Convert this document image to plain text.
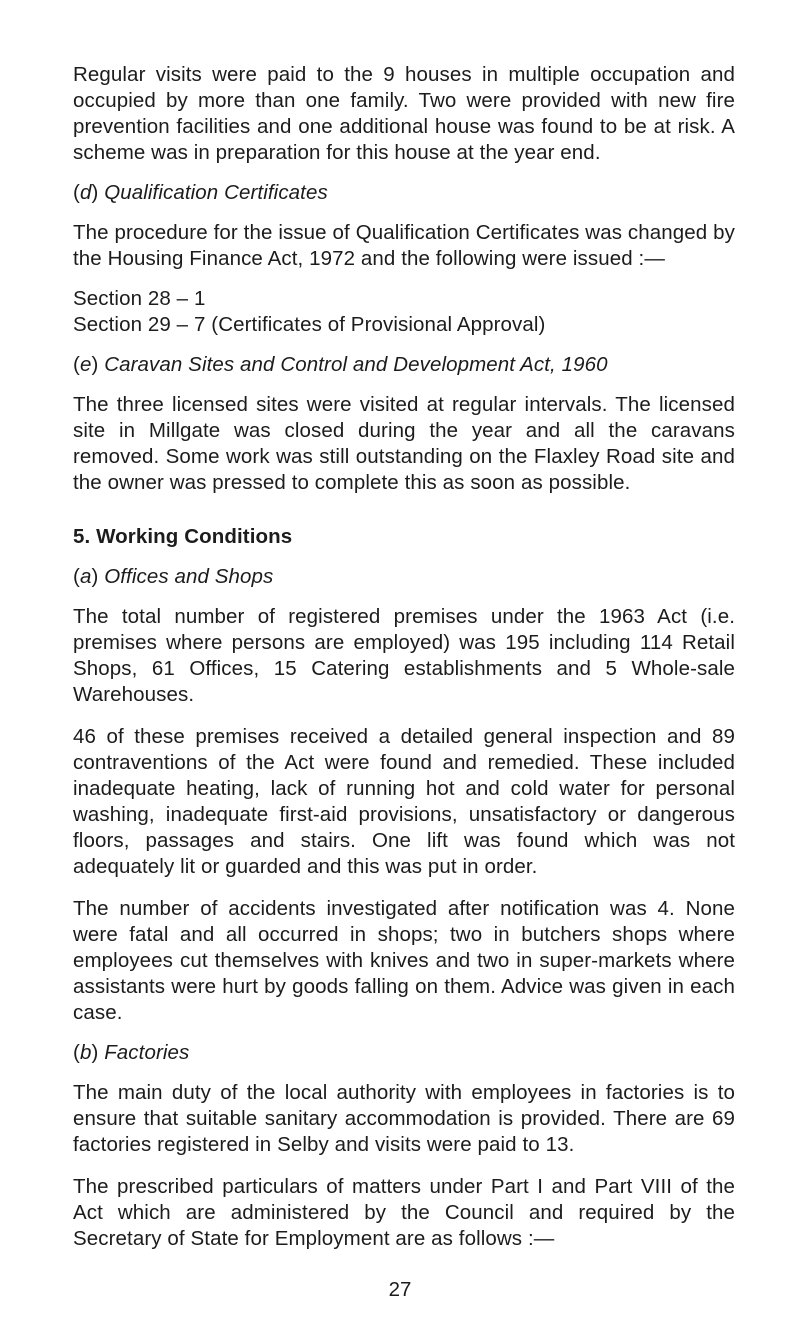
Regular visits were paid to the 9 houses in multiple occupation and occupied by more than one family. Two were provided with new fire prevention facilities and one additional house was found to be at risk. A scheme was in preparation for this house at the year end.

(d) Qualification Certificates

The procedure for the issue of Qualification Certificates was changed by the Housing Finance Act, 1972 and the following were issued :—

Section 28 – 1

Section 29 – 7 (Certificates of Provisional Approval)

(e) Caravan Sites and Control and Development Act, 1960

The three licensed sites were visited at regular intervals. The licensed site in Millgate was closed during the year and all the caravans removed. Some work was still outstanding on the Flaxley Road site and the owner was pressed to complete this as soon as possible.

5. Working Conditions

(a) Offices and Shops

The total number of registered premises under the 1963 Act (i.e. premises where persons are employed) was 195 including 114 Retail Shops, 61 Offices, 15 Catering establishments and 5 Whole-sale Warehouses.

46 of these premises received a detailed general inspection and 89 contraventions of the Act were found and remedied. These included inadequate heating, lack of running hot and cold water for personal washing, inadequate first-aid provisions, unsatisfactory or dangerous floors, passages and stairs. One lift was found which was not adequately lit or guarded and this was put in order.

The number of accidents investigated after notification was 4. None were fatal and all occurred in shops; two in butchers shops where employees cut themselves with knives and two in super-markets where assistants were hurt by goods falling on them. Advice was given in each case.

(b) Factories

The main duty of the local authority with employees in factories is to ensure that suitable sanitary accommodation is provided. There are 69 factories registered in Selby and visits were paid to 13.

The prescribed particulars of matters under Part I and Part VIII of the Act which are administered by the Council and required by the Secretary of State for Employment are as follows :—

27
